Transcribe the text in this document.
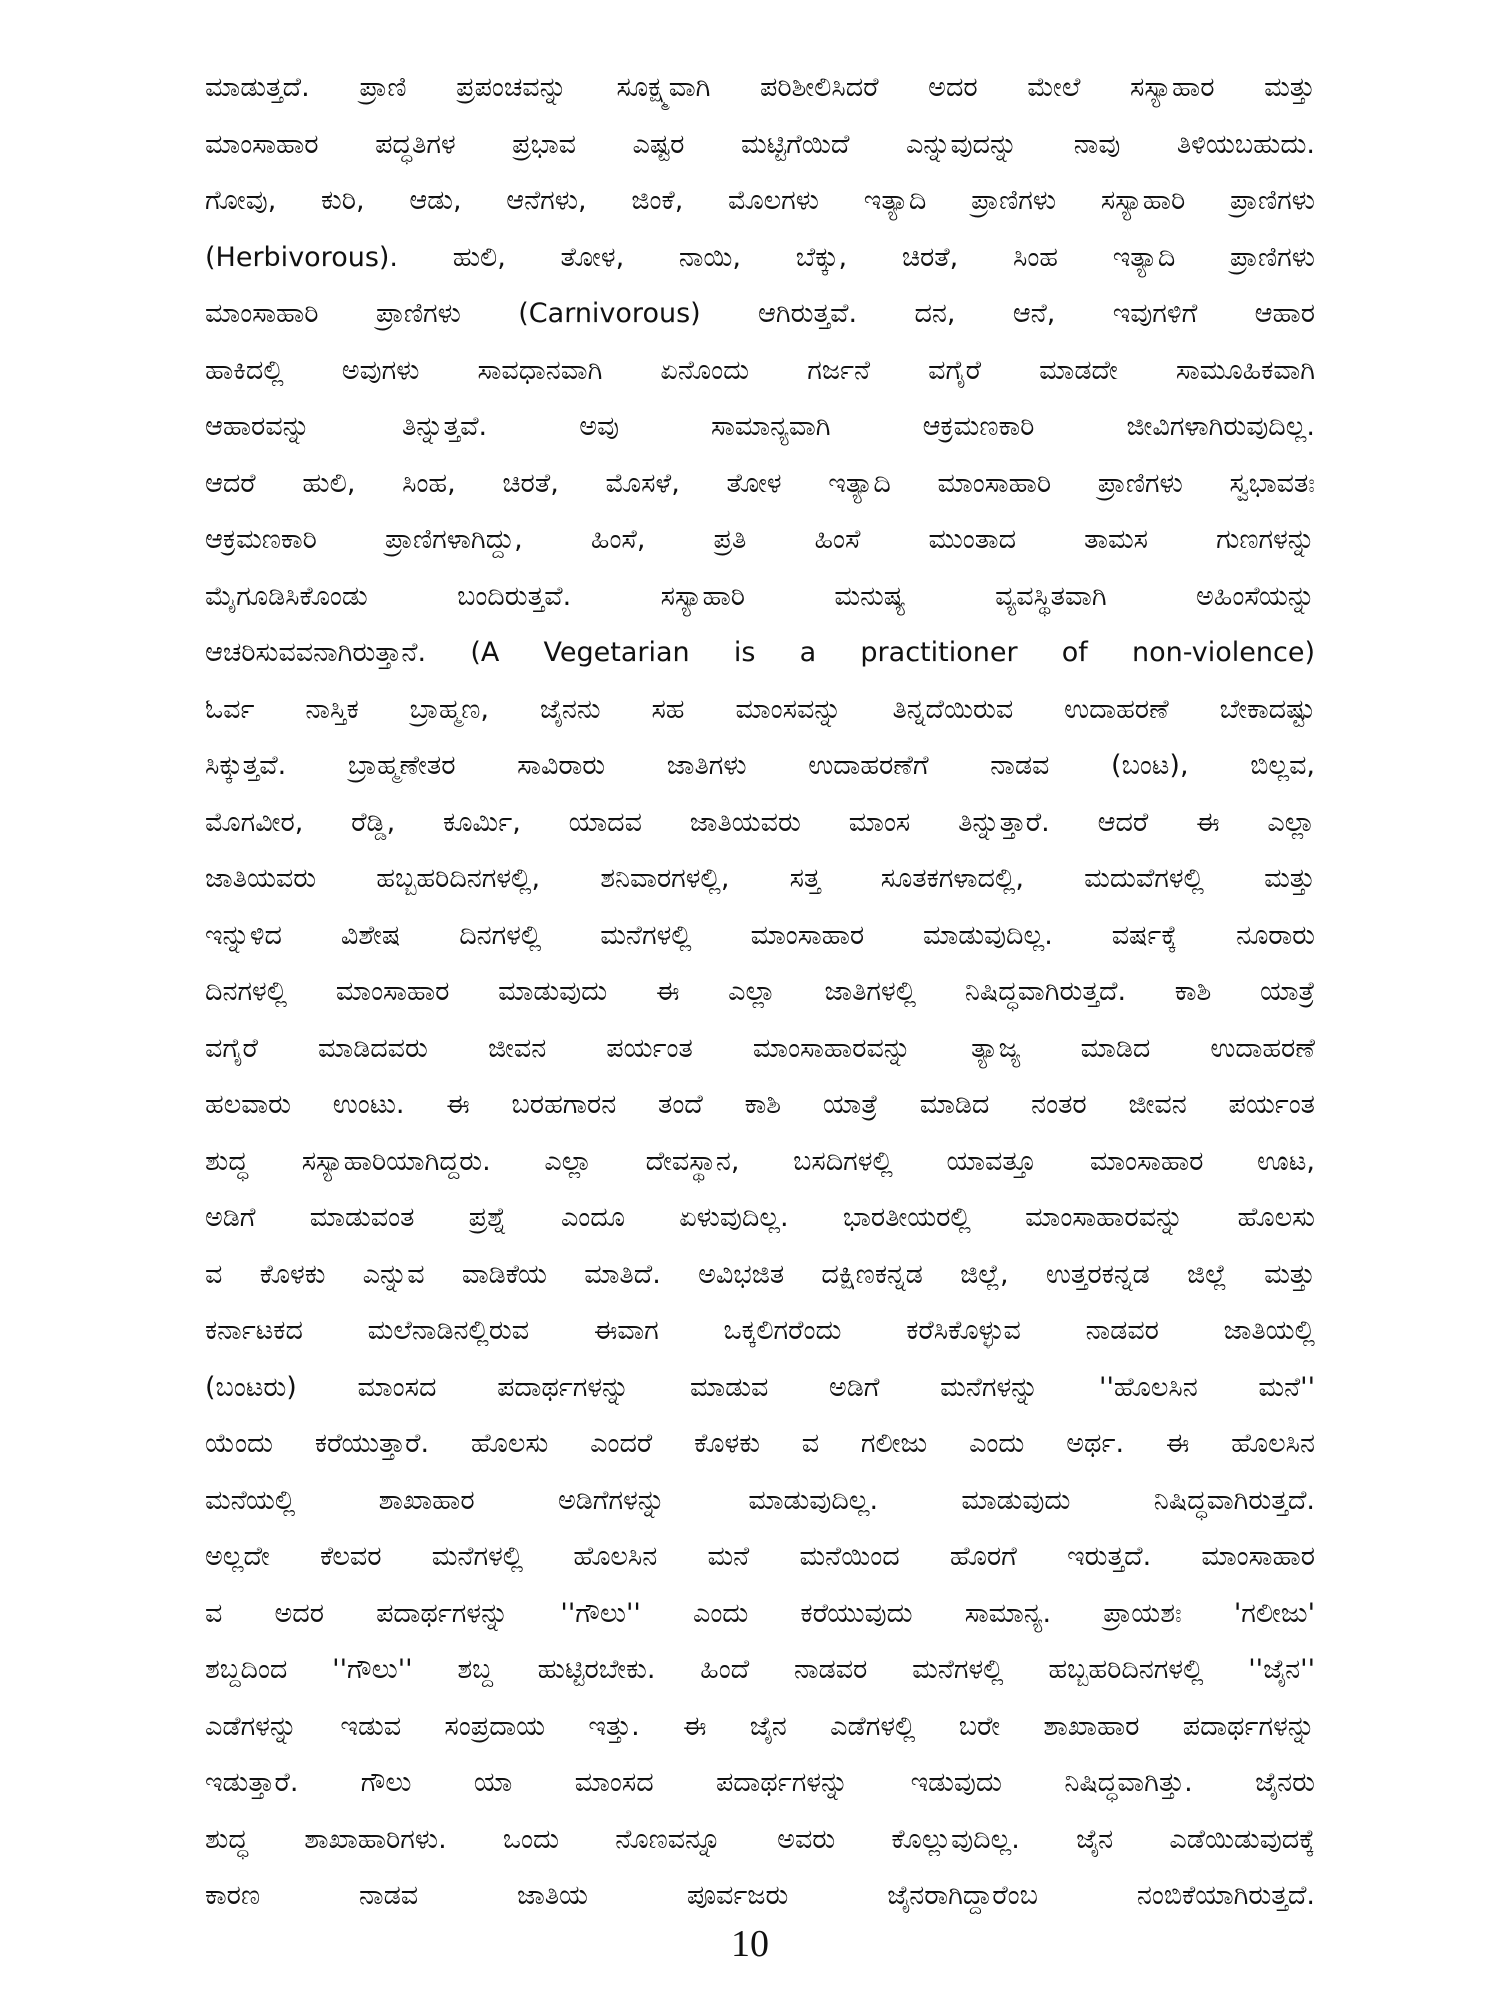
ಮಾಡುತ್ತದೆ. ಪ್ರಾಣಿ ಪ್ರಪಂಚವನ್ನು ಸೂಕ್ಷ್ಮವಾಗಿ ಪರಿಶೀಲಿಸಿದರೆ ಅದರ ಮೇಲೆ ಸಸ್ಯಾಹಾರ ಮತ್ತು
ಮಾಂಸಾಹಾರ ಪದ್ಧತಿಗಳ ಪ್ರಭಾವ ಎಷ್ಟರ ಮಟ್ಟಿಗೆಯಿದೆ ಎನ್ನುವುದನ್ನು ನಾವು ತಿಳಿಯಬಹುದು.
ಗೋವು, ಕುರಿ, ಆಡು, ಆನೆಗಳು, ಜಿಂಕೆ, ಮೊಲಗಳು ಇತ್ಯಾದಿ ಪ್ರಾಣಿಗಳು ಸಸ್ಯಾಹಾರಿ ಪ್ರಾಣಿಗಳು
(Herbivorous). ಹುಲಿ, ತೋಳ, ನಾಯಿ, ಬೆಕ್ಕು, ಚಿರತೆ, ಸಿಂಹ ಇತ್ಯಾದಿ ಪ್ರಾಣಿಗಳು
ಮಾಂಸಾಹಾರಿ ಪ್ರಾಣಿಗಳು (Carnivorous) ಆಗಿರುತ್ತವೆ. ದನ, ಆನೆ, ಇವುಗಳಿಗೆ ಆಹಾರ
ಹಾಕಿದಲ್ಲಿ ಅವುಗಳು ಸಾವಧಾನವಾಗಿ ಏನೊಂದು ಗರ್ಜನೆ ವಗೈರೆ ಮಾಡದೇ ಸಾಮೂಹಿಕವಾಗಿ
ಆಹಾರವನ್ನು ತಿನ್ನುತ್ತವೆ. ಅವು ಸಾಮಾನ್ಯವಾಗಿ ಆಕ್ರಮಣಕಾರಿ ಜೀವಿಗಳಾಗಿರುವುದಿಲ್ಲ.
ಆದರೆ ಹುಲಿ, ಸಿಂಹ, ಚಿರತೆ, ಮೊಸಳೆ, ತೋಳ ಇತ್ಯಾದಿ ಮಾಂಸಾಹಾರಿ ಪ್ರಾಣಿಗಳು ಸ್ವಭಾವತಃ
ಆಕ್ರಮಣಕಾರಿ ಪ್ರಾಣಿಗಳಾಗಿದ್ದು, ಹಿಂಸೆ, ಪ್ರತಿ ಹಿಂಸೆ ಮುಂತಾದ ತಾಮಸ ಗುಣಗಳನ್ನು
ಮೈಗೂಡಿಸಿಕೊಂಡು ಬಂದಿರುತ್ತವೆ. ಸಸ್ಯಾಹಾರಿ ಮನುಷ್ಯ ವ್ಯವಸ್ಥಿತವಾಗಿ ಅಹಿಂಸೆಯನ್ನು
ಆಚರಿಸುವವನಾಗಿರುತ್ತಾನೆ. (A Vegetarian is a practitioner of non-violence)
ಓರ್ವ ನಾಸ್ತಿಕ ಬ್ರಾಹ್ಮಣ, ಜೈನನು ಸಹ ಮಾಂಸವನ್ನು ತಿನ್ನದೆಯಿರುವ ಉದಾಹರಣೆ ಬೇಕಾದಷ್ಟು
ಸಿಕ್ಕುತ್ತವೆ. ಬ್ರಾಹ್ಮಣೇತರ ಸಾವಿರಾರು ಜಾತಿಗಳು ಉದಾಹರಣೆಗೆ ನಾಡವ (ಬಂಟ), ಬಿಲ್ಲವ,
ಮೊಗವೀರ, ರೆಡ್ಡಿ, ಕೂರ್ಮಿ, ಯಾದವ ಜಾತಿಯವರು ಮಾಂಸ ತಿನ್ನುತ್ತಾರೆ. ಆದರೆ ಈ ಎಲ್ಲಾ
ಜಾತಿಯವರು ಹಬ್ಬಹರಿದಿನಗಳಲ್ಲಿ, ಶನಿವಾರಗಳಲ್ಲಿ, ಸತ್ತ ಸೂತಕಗಳಾದಲ್ಲಿ, ಮದುವೆಗಳಲ್ಲಿ ಮತ್ತು
ಇನ್ನುಳಿದ ವಿಶೇಷ ದಿನಗಳಲ್ಲಿ ಮನೆಗಳಲ್ಲಿ ಮಾಂಸಾಹಾರ ಮಾಡುವುದಿಲ್ಲ. ವರ್ಷಕ್ಕೆ ನೂರಾರು
ದಿನಗಳಲ್ಲಿ ಮಾಂಸಾಹಾರ ಮಾಡುವುದು ಈ ಎಲ್ಲಾ ಜಾತಿಗಳಲ್ಲಿ ನಿಷಿದ್ಧವಾಗಿರುತ್ತದೆ. ಕಾಶಿ ಯಾತ್ರೆ
ವಗೈರೆ ಮಾಡಿದವರು ಜೀವನ ಪರ್ಯಂತ ಮಾಂಸಾಹಾರವನ್ನು ತ್ಯಾಜ್ಯ ಮಾಡಿದ ಉದಾಹರಣೆ
ಹಲವಾರು ಉಂಟು. ಈ ಬರಹಗಾರನ ತಂದೆ ಕಾಶಿ ಯಾತ್ರೆ ಮಾಡಿದ ನಂತರ ಜೀವನ ಪರ್ಯಂತ
ಶುದ್ಧ ಸಸ್ಯಾಹಾರಿಯಾಗಿದ್ದರು. ಎಲ್ಲಾ ದೇವಸ್ಥಾನ, ಬಸದಿಗಳಲ್ಲಿ ಯಾವತ್ತೂ ಮಾಂಸಾಹಾರ ಊಟ,
ಅಡಿಗೆ ಮಾಡುವಂತ ಪ್ರಶ್ನೆ ಎಂದೂ ಏಳುವುದಿಲ್ಲ. ಭಾರತೀಯರಲ್ಲಿ ಮಾಂಸಾಹಾರವನ್ನು ಹೊಲಸು
ವ ಕೊಳಕು ಎನ್ನುವ ವಾಡಿಕೆಯ ಮಾತಿದೆ. ಅವಿಭಜಿತ ದಕ್ಷಿಣಕನ್ನಡ ಜಿಲ್ಲೆ, ಉತ್ತರಕನ್ನಡ ಜಿಲ್ಲೆ ಮತ್ತು
ಕರ್ನಾಟಕದ ಮಲೆನಾಡಿನಲ್ಲಿರುವ ಈವಾಗ ಒಕ್ಕಲಿಗರೆಂದು ಕರೆಸಿಕೊಳ್ಳುವ ನಾಡವರ ಜಾತಿಯಲ್ಲಿ
(ಬಂಟರು) ಮಾಂಸದ ಪದಾರ್ಥಗಳನ್ನು ಮಾಡುವ ಅಡಿಗೆ ಮನೆಗಳನ್ನು ''ಹೊಲಸಿನ ಮನೆ''
ಯೆಂದು ಕರೆಯುತ್ತಾರೆ. ಹೊಲಸು ಎಂದರೆ ಕೊಳಕು ವ ಗಲೀಜು ಎಂದು ಅರ್ಥ. ಈ ಹೊಲಸಿನ
ಮನೆಯಲ್ಲಿ ಶಾಖಾಹಾರ ಅಡಿಗೆಗಳನ್ನು ಮಾಡುವುದಿಲ್ಲ. ಮಾಡುವುದು ನಿಷಿದ್ಧವಾಗಿರುತ್ತದೆ.
ಅಲ್ಲದೇ ಕೆಲವರ ಮನೆಗಳಲ್ಲಿ ಹೊಲಸಿನ ಮನೆ ಮನೆಯಿಂದ ಹೊರಗೆ ಇರುತ್ತದೆ. ಮಾಂಸಾಹಾರ
ವ ಅದರ ಪದಾರ್ಥಗಳನ್ನು ''ಗೌಲು'' ಎಂದು ಕರೆಯುವುದು ಸಾಮಾನ್ಯ. ಪ್ರಾಯಶಃ 'ಗಲೀಜು'
ಶಬ್ದದಿಂದ ''ಗೌಲು'' ಶಬ್ದ ಹುಟ್ಟಿರಬೇಕು. ಹಿಂದೆ ನಾಡವರ ಮನೆಗಳಲ್ಲಿ ಹಬ್ಬಹರಿದಿನಗಳಲ್ಲಿ ''ಜೈನ''
ಎಡೆಗಳನ್ನು ಇಡುವ ಸಂಪ್ರದಾಯ ಇತ್ತು. ಈ ಜೈನ ಎಡೆಗಳಲ್ಲಿ ಬರೇ ಶಾಖಾಹಾರ ಪದಾರ್ಥಗಳನ್ನು
ಇಡುತ್ತಾರೆ. ಗೌಲು ಯಾ ಮಾಂಸದ ಪದಾರ್ಥಗಳನ್ನು ಇಡುವುದು ನಿಷಿದ್ಧವಾಗಿತ್ತು. ಜೈನರು
ಶುದ್ಧ ಶಾಖಾಹಾರಿಗಳು. ಒಂದು ನೊಣವನ್ನೂ ಅವರು ಕೊಲ್ಲುವುದಿಲ್ಲ. ಜೈನ ಎಡೆಯಿಡುವುದಕ್ಕೆ
ಕಾರಣ ನಾಡವ ಜಾತಿಯ ಪೂರ್ವಜರು ಜೈನರಾಗಿದ್ದಾರೆಂಬ ನಂಬಿಕೆಯಾಗಿರುತ್ತದೆ.
10
